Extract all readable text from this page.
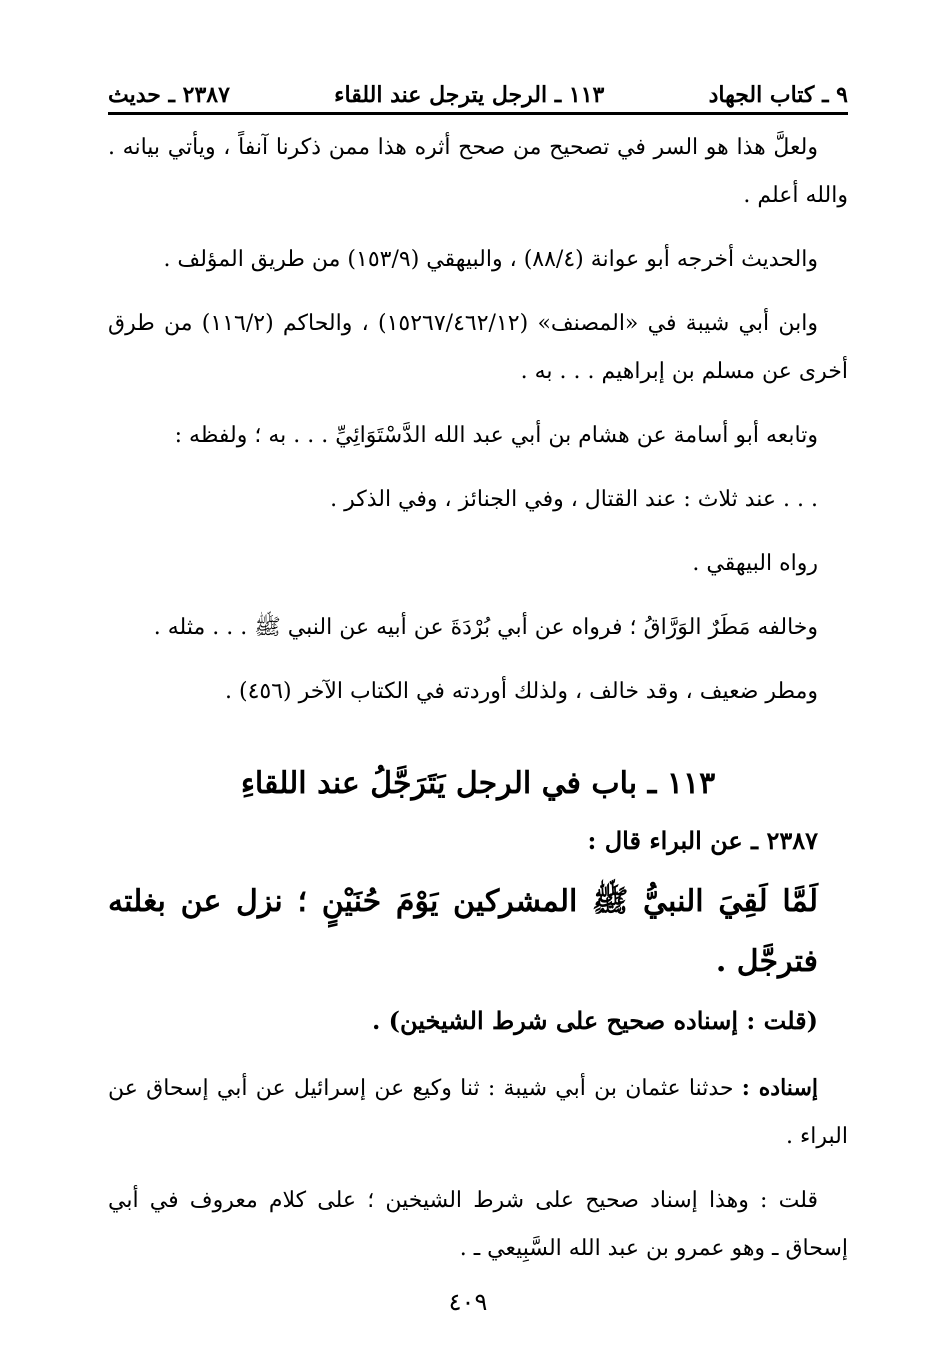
٩ ـ كتاب الجهاد
١١٣ ـ الرجل يترجل عند اللقاء
٢٣٨٧ ـ حديث

ولعلَّ هذا هو السر في تصحيح من صحح أثره هذا ممن ذكرنا آنفاً ، ويأتي بيانه . والله أعلم .

والحديث أخرجه أبو عوانة (٨٨/٤) ، والبيهقي (١٥٣/٩) من طريق المؤلف .

وابن أبي شيبة في «المصنف» (١٥٢٦٧/٤٦٢/١٢) ، والحاكم (١١٦/٢) من طرق أخرى عن مسلم بن إبراهيم . . . به .

وتابعه أبو أسامة عن هشام بن أبي عبد الله الدَّسْتَوَائِيِّ . . . به ؛ ولفظه :

. . . عند ثلاث : عند القتال ، وفي الجنائز ، وفي الذكر .

رواه البيهقي .

وخالفه مَطَرٌ الوَرَّاقُ ؛ فرواه عن أبي بُرْدَةَ عن أبيه عن النبي ﷺ . . . مثله .

ومطر ضعيف ، وقد خالف ، ولذلك أوردته في الكتاب الآخر (٤٥٦) .

١١٣ ـ باب في الرجل يَتَرَجَّلُ عند اللقاءِ

٢٣٨٧ ـ عن البراء قال :

لَمَّا لَقِيَ النبيُّ ﷺ المشركين يَوْمَ حُنَيْنٍ ؛ نزل عن بغلته فترجَّل .

(قلت : إسناده صحيح على شرط الشيخين) .

إسناده : حدثنا عثمان بن أبي شيبة : ثنا وكيع عن إسرائيل عن أبي إسحاق عن البراء .

قلت : وهذا إسناد صحيح على شرط الشيخين ؛ على كلام معروف في أبي إسحاق ـ وهو عمرو بن عبد الله السَّبِيعي ـ .

٤٠٩
